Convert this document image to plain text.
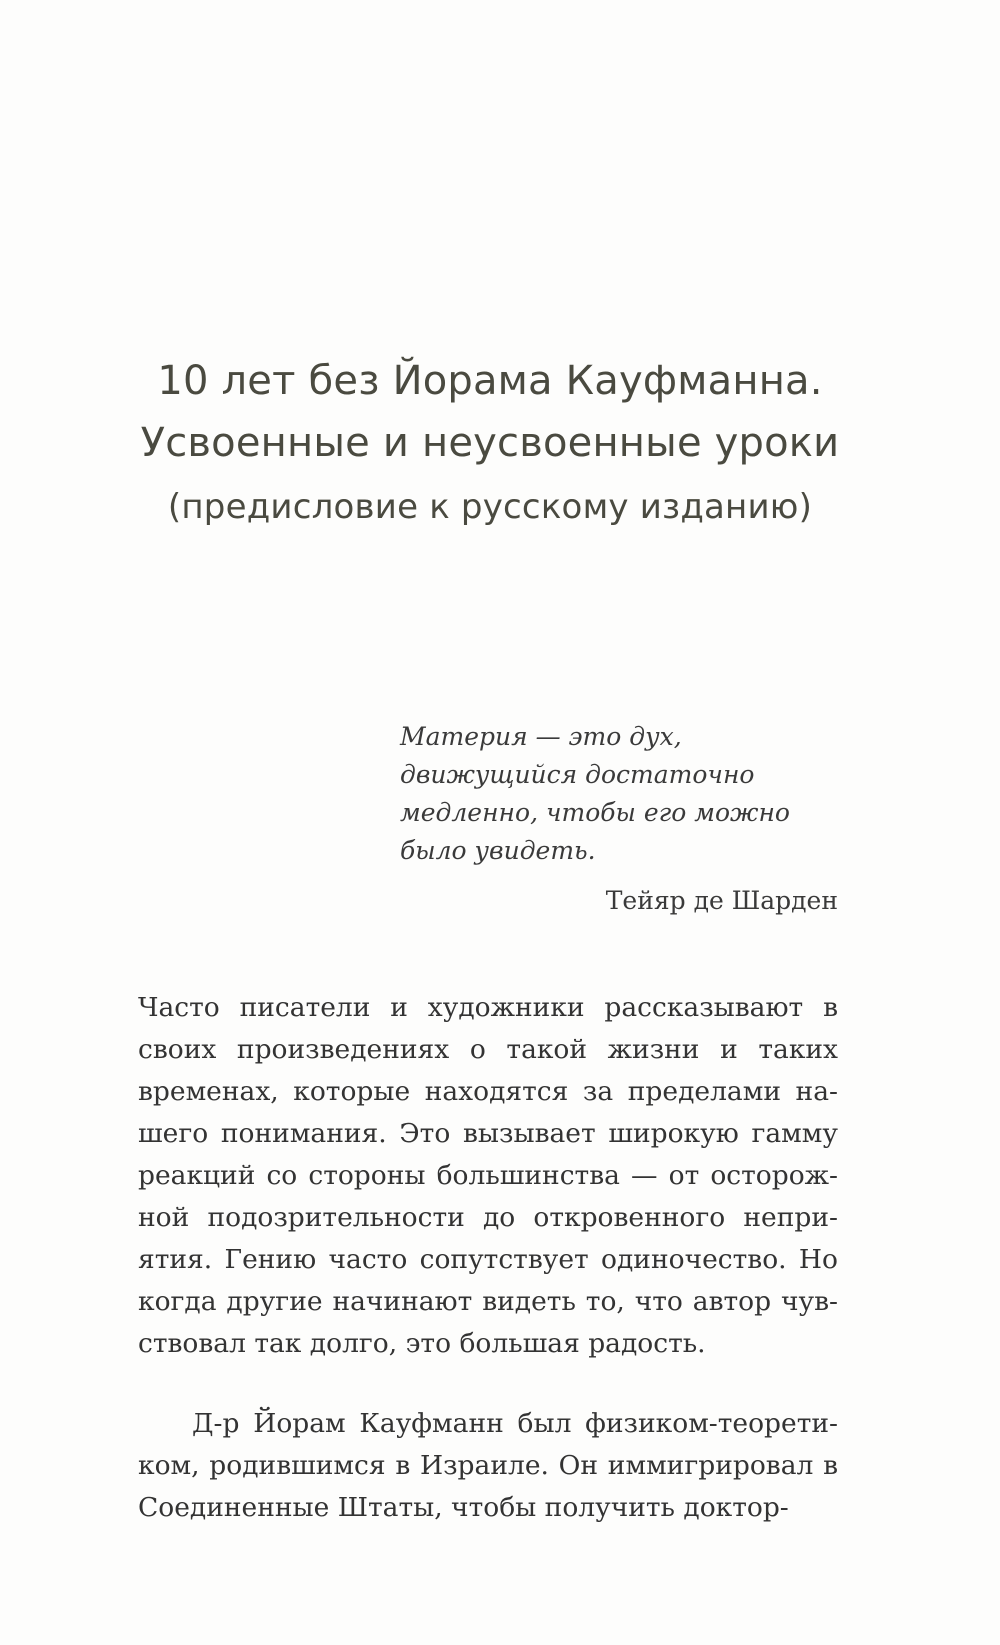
10 лет без Йорама Кауфманна.
Усвоенные и неусвоенные уроки
(предисловие к русскому изданию)
Материя — это дух, движущийся достаточно медленно, чтобы его можно было увидеть.
Тейяр де Шарден

Часто писатели и художники рассказывают в своих произведениях о такой жизни и таких временах, которые находятся за пределами нашего понимания. Это вызывает широкую гамму реакций со стороны большинства — от осторожной подозрительности до откровенного неприятия. Гению часто сопутствует одиночество. Но когда другие начинают видеть то, что автор чувствовал так долго, это большая радость.

Д-р Йорам Кауфманн был физиком-теоретиком, родившимся в Израиле. Он иммигрировал в Соединенные Штаты, чтобы получить доктор-
